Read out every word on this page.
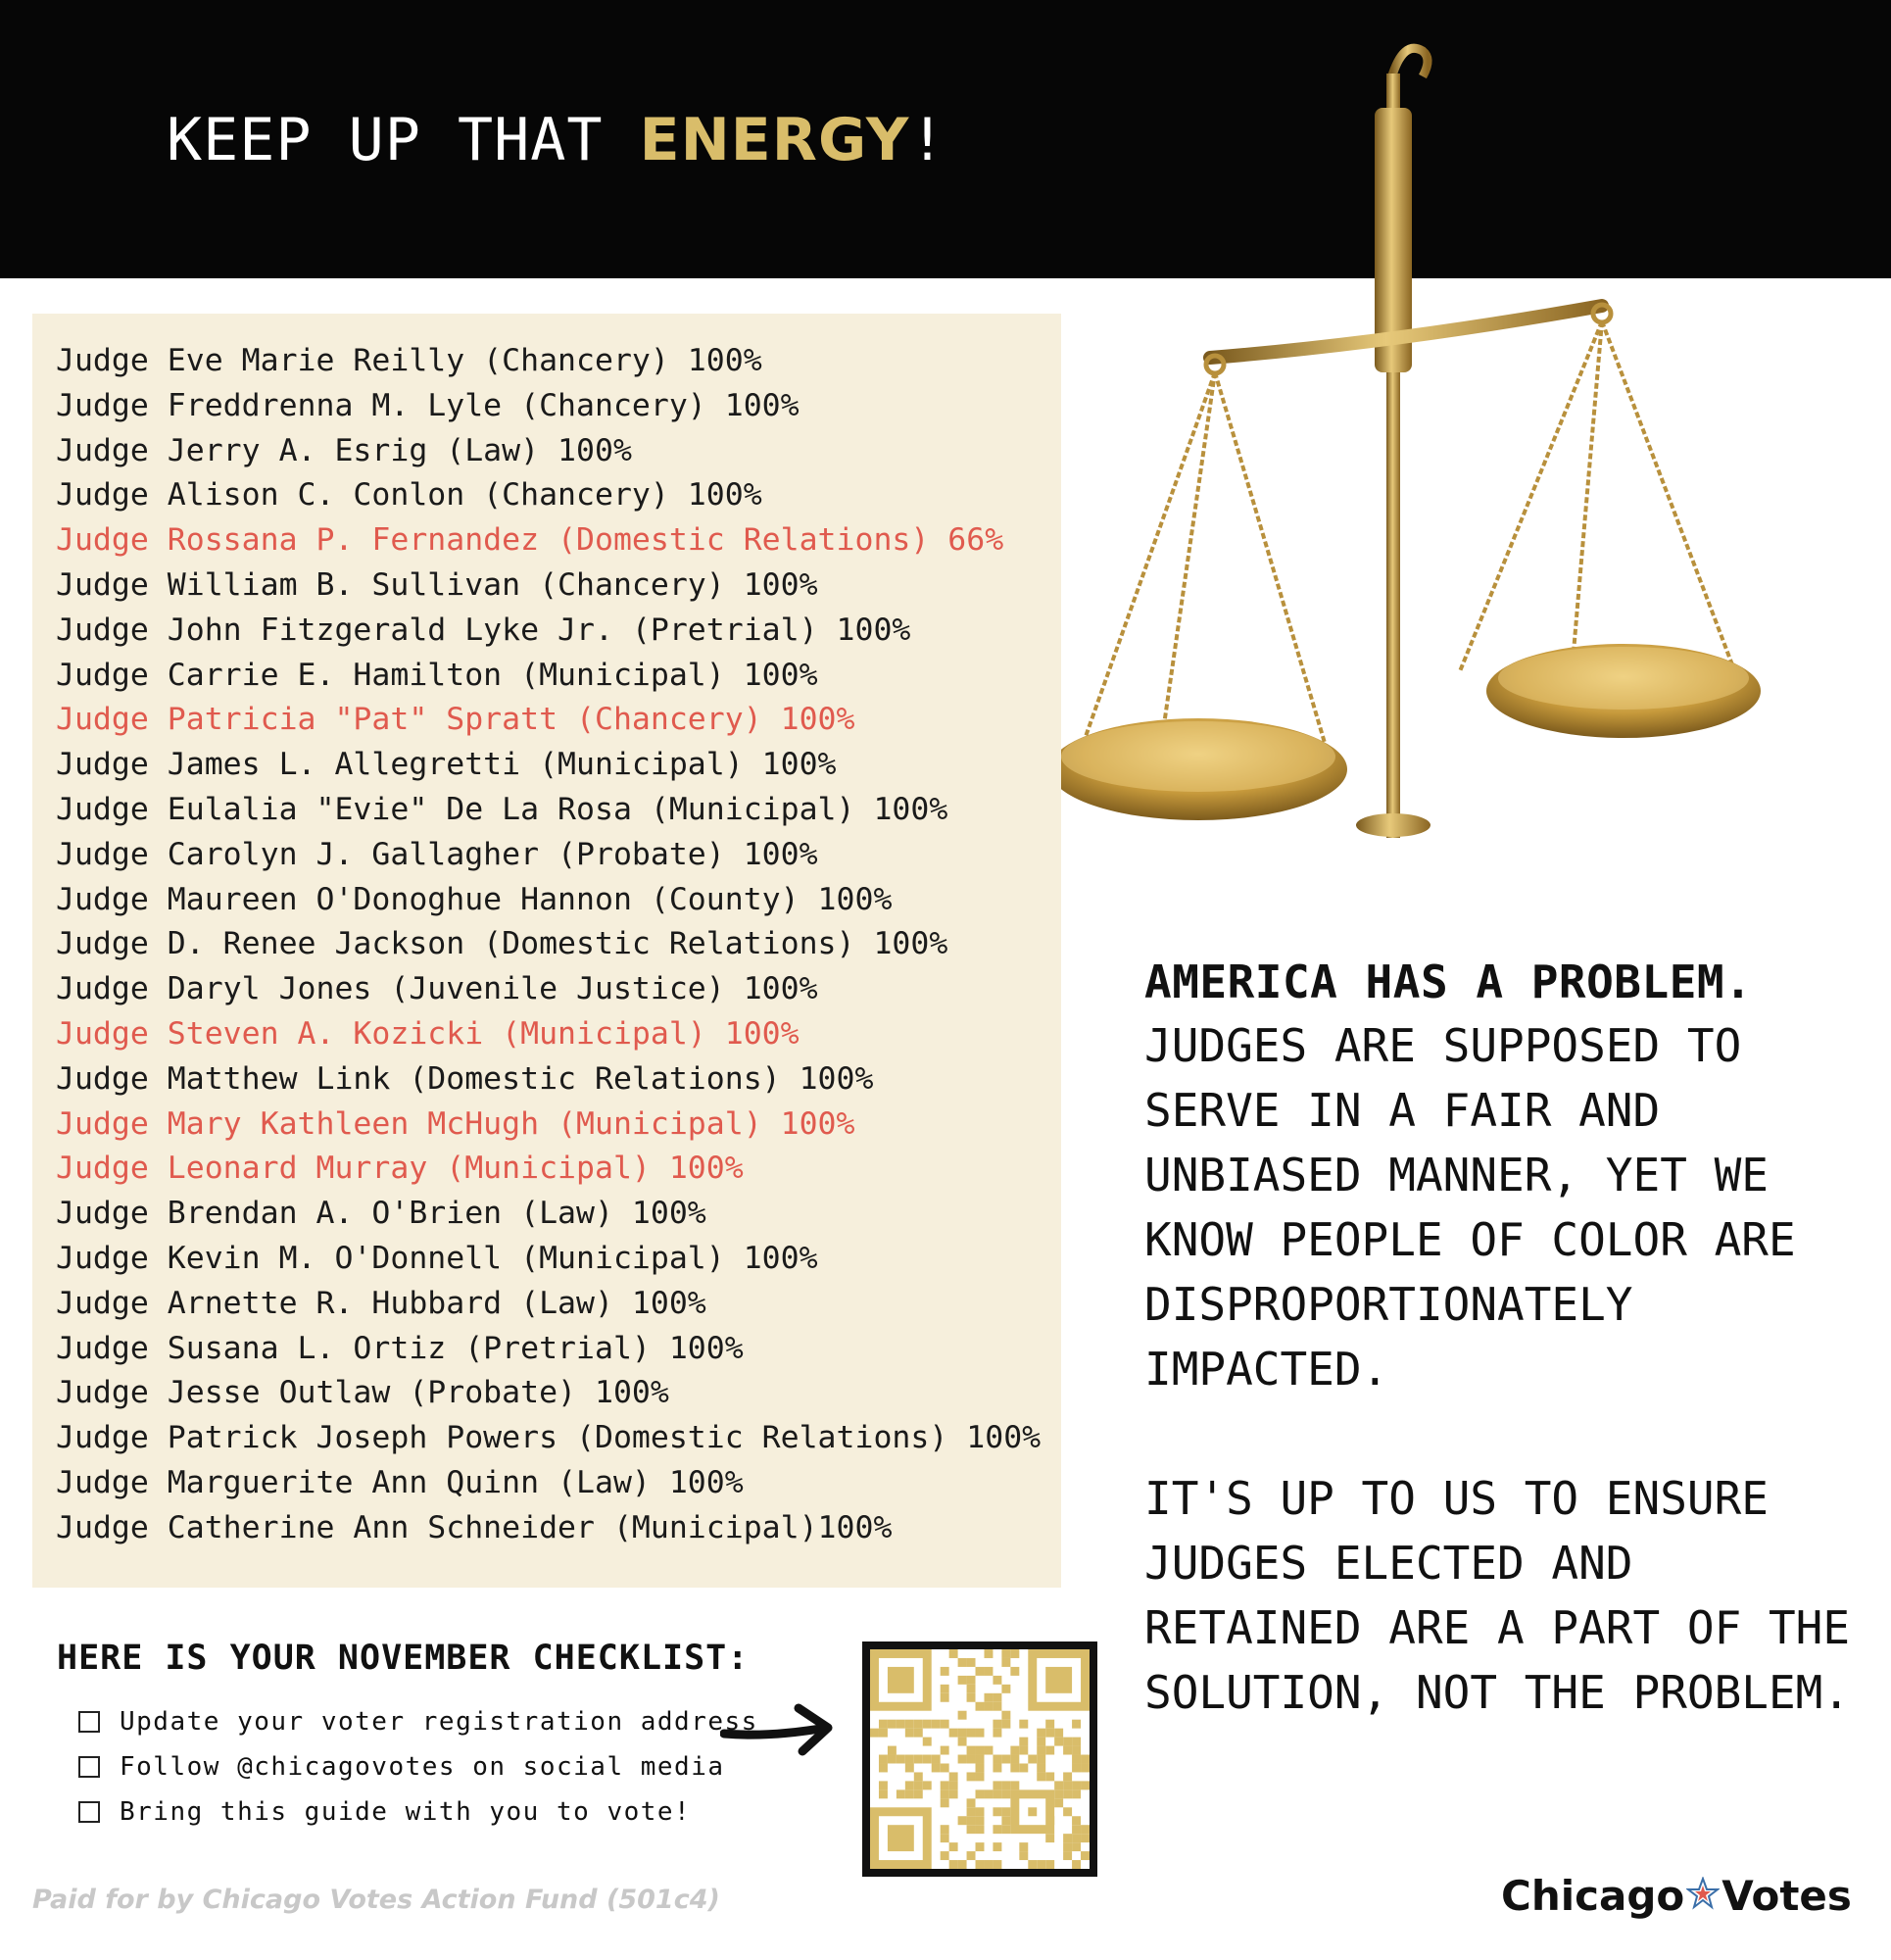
KEEP UP THAT ENERGY!
Judge Eve Marie Reilly (Chancery) 100%
Judge Freddrenna M. Lyle (Chancery) 100%
Judge Jerry A. Esrig (Law) 100%
Judge Alison C. Conlon (Chancery) 100%
Judge Rossana P. Fernandez (Domestic Relations) 66%
Judge William B. Sullivan (Chancery) 100%
Judge John Fitzgerald Lyke Jr. (Pretrial) 100%
Judge Carrie E. Hamilton (Municipal) 100%
Judge Patricia "Pat" Spratt (Chancery) 100%
Judge James L. Allegretti (Municipal) 100%
Judge Eulalia "Evie" De La Rosa (Municipal) 100%
Judge Carolyn J. Gallagher (Probate) 100%
Judge Maureen O'Donoghue Hannon (County) 100%
Judge D. Renee Jackson (Domestic Relations) 100%
Judge Daryl Jones (Juvenile Justice) 100%
Judge Steven A. Kozicki (Municipal) 100%
Judge Matthew Link (Domestic Relations) 100%
Judge Mary Kathleen McHugh (Municipal) 100%
Judge Leonard Murray (Municipal) 100%
Judge Brendan A. O'Brien (Law) 100%
Judge Kevin M. O'Donnell (Municipal) 100%
Judge Arnette R. Hubbard (Law) 100%
Judge Susana L. Ortiz (Pretrial) 100%
Judge Jesse Outlaw (Probate) 100%
Judge Patrick Joseph Powers (Domestic Relations) 100%
Judge Marguerite Ann Quinn (Law) 100%
Judge Catherine Ann Schneider (Municipal)100%
HERE IS YOUR NOVEMBER CHECKLIST:
Update your voter registration address
Follow @chicagovotes on social media
Bring this guide with you to vote!
AMERICA HAS A PROBLEM.

JUDGES ARE SUPPOSED TO SERVE IN A FAIR AND UNBIASED MANNER, YET WE KNOW PEOPLE OF COLOR ARE DISPROPORTIONATELY IMPACTED.

IT'S UP TO US TO ENSURE JUDGES ELECTED AND RETAINED ARE A PART OF THE SOLUTION, NOT THE PROBLEM.

Paid for by Chicago Votes Action Fund (501c4)	Chicago Votes
